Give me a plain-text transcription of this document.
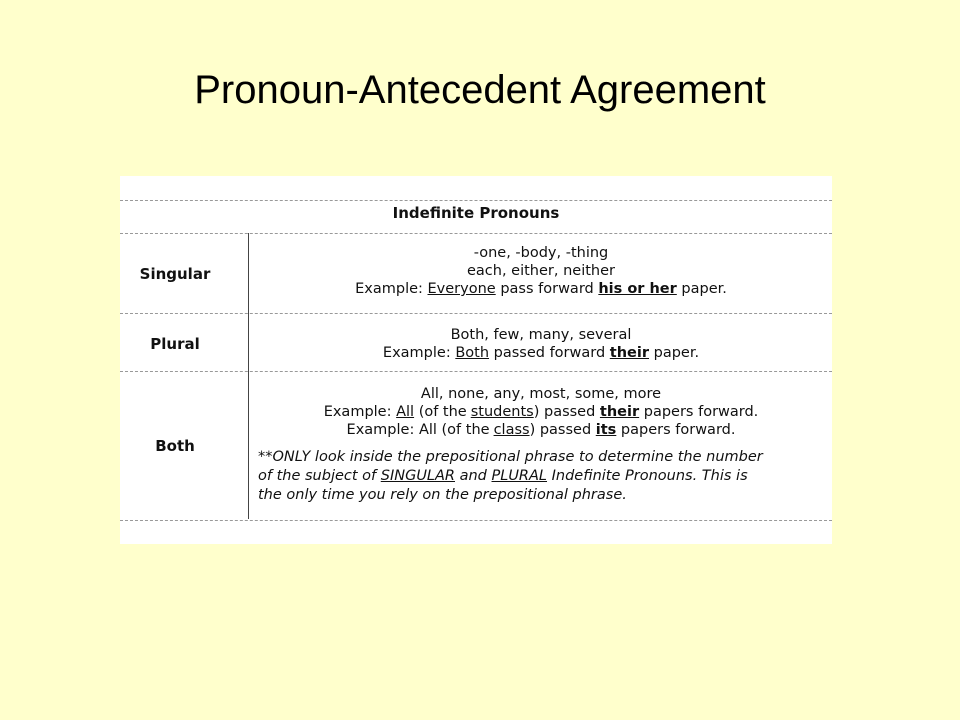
Pronoun-Antecedent Agreement
Indefinite Pronouns
Singular
-one, -body, -thing
each, either, neither
Example: Everyone pass forward his or her paper.
Plural	Both, few, many, several
Example: Both passed forward their paper.
Both
All, none, any, most, some, more
Example: All (of the students) passed their papers forward.
Example: All (of the class) passed its papers forward.
**ONLY look inside the prepositional phrase to determine the number
of the subject of SINGULAR and PLURAL Indefinite Pronouns. This is
the only time you rely on the prepositional phrase.
